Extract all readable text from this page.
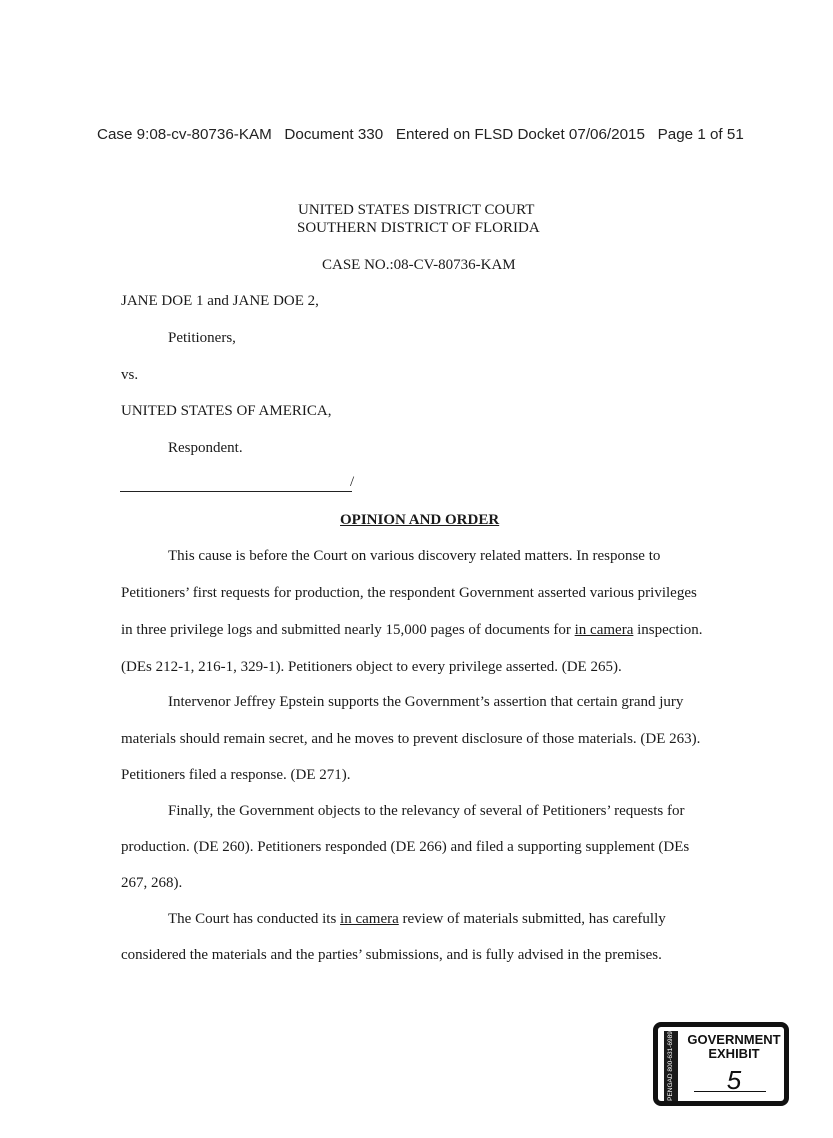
Case 9:08-cv-80736-KAM Document 330 Entered on FLSD Docket 07/06/2015 Page 1 of 51
UNITED STATES DISTRICT COURT
SOUTHERN DISTRICT OF FLORIDA
CASE NO.:08-CV-80736-KAM
JANE DOE 1 and JANE DOE 2,
Petitioners,
vs.
UNITED STATES OF AMERICA,
Respondent.
/
OPINION AND ORDER
This cause is before the Court on various discovery related matters. In response to
Petitioners’ first requests for production, the respondent Government asserted various privileges
in three privilege logs and submitted nearly 15,000 pages of documents for in camera inspection.
(DEs 212-1, 216-1, 329-1). Petitioners object to every privilege asserted. (DE 265).
Intervenor Jeffrey Epstein supports the Government’s assertion that certain grand jury
materials should remain secret, and he moves to prevent disclosure of those materials. (DE 263).
Petitioners filed a response. (DE 271).
Finally, the Government objects to the relevancy of several of Petitioners’ requests for
production. (DE 260). Petitioners responded (DE 266) and filed a supporting supplement (DEs
267, 268).
The Court has conducted its in camera review of materials submitted, has carefully
considered the materials and the parties’ submissions, and is fully advised in the premises.
PENGAD 800-631-6989	GOVERNMENT
EXHIBIT
5
